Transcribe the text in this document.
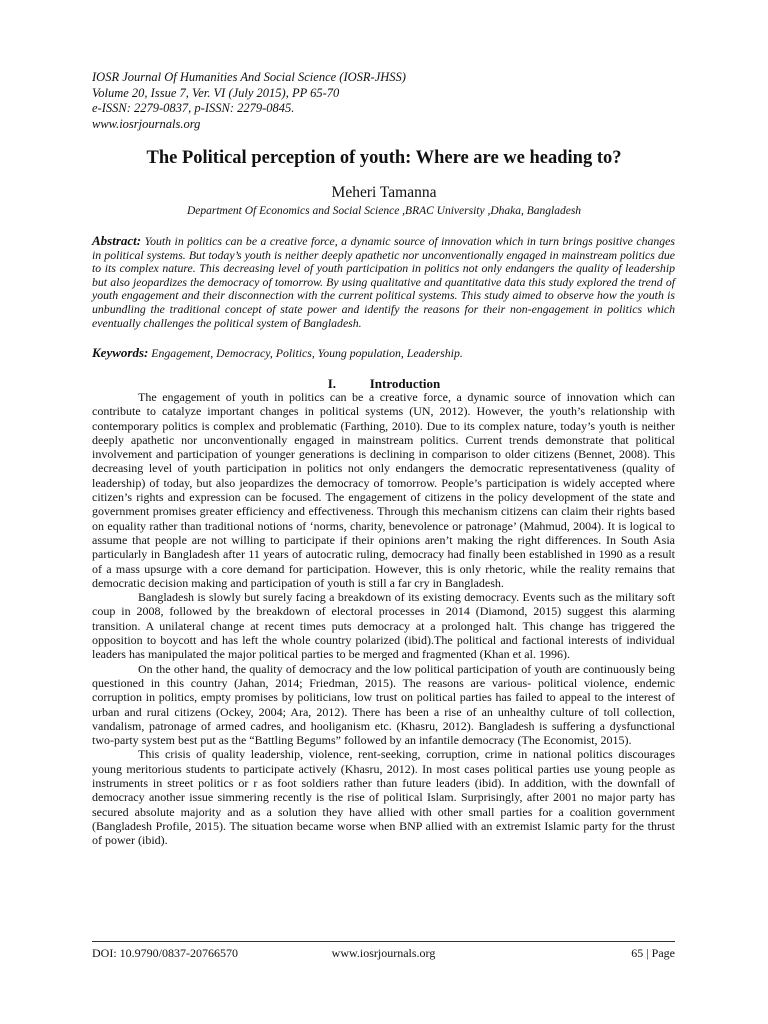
IOSR Journal Of Humanities And Social Science (IOSR-JHSS)
Volume 20, Issue 7, Ver. VI (July 2015), PP 65-70
e-ISSN: 2279-0837, p-ISSN: 2279-0845.
www.iosrjournals.org
The Political perception of youth: Where are we heading to?
Meheri Tamanna
Department Of Economics and Social Science ,BRAC University ,Dhaka, Bangladesh
Abstract: Youth in politics can be a creative force, a dynamic source of innovation which in turn brings positive changes in political systems. But today’s youth is neither deeply apathetic nor unconventionally engaged in mainstream politics due to its complex nature. This decreasing level of youth participation in politics not only endangers the quality of leadership but also jeopardizes the democracy of tomorrow. By using qualitative and quantitative data this study explored the trend of youth engagement and their disconnection with the current political systems. This study aimed to observe how the youth is unbundling the traditional concept of state power and identify the reasons for their non-engagement in politics which eventually challenges the political system of Bangladesh.
Keywords: Engagement, Democracy, Politics, Young population, Leadership.
I.	Introduction

The engagement of youth in politics can be a creative force, a dynamic source of innovation which can contribute to catalyze important changes in political systems (UN, 2012). However, the youth’s relationship with contemporary politics is complex and problematic (Farthing, 2010). Due to its complex nature, today’s youth is neither deeply apathetic nor unconventionally engaged in mainstream politics. Current trends demonstrate that political involvement and participation of younger generations is declining in comparison to older citizens (Bennet, 2008). This decreasing level of youth participation in politics not only endangers the democratic representativeness (quality of leadership) of today, but also jeopardizes the democracy of tomorrow. People’s participation is widely accepted where citizen’s rights and expression can be focused. The engagement of citizens in the policy development of the state and government promises greater efficiency and effectiveness. Through this mechanism citizens can claim their rights based on equality rather than traditional notions of ‘norms, charity, benevolence or patronage’ (Mahmud, 2004). It is logical to assume that people are not willing to participate if their opinions aren’t making the right differences. In South Asia particularly in Bangladesh after 11 years of autocratic ruling, democracy had finally been established in 1990 as a result of a mass upsurge with a core demand for participation. However, this is only rhetoric, while the reality remains that democratic decision making and participation of youth is still a far cry in Bangladesh.

Bangladesh is slowly but surely facing a breakdown of its existing democracy. Events such as the military soft coup in 2008, followed by the breakdown of electoral processes in 2014 (Diamond, 2015) suggest this alarming transition. A unilateral change at recent times puts democracy at a prolonged halt. This change has triggered the opposition to boycott and has left the whole country polarized (ibid).The political and factional interests of individual leaders has manipulated the major political parties to be merged and fragmented (Khan et al. 1996).

On the other hand, the quality of democracy and the low political participation of youth are continuously being questioned in this country (Jahan, 2014; Friedman, 2015). The reasons are various- political violence, endemic corruption in politics, empty promises by politicians, low trust on political parties has failed to appeal to the interest of urban and rural citizens (Ockey, 2004; Ara, 2012). There has been a rise of an unhealthy culture of toll collection, vandalism, patronage of armed cadres, and hooliganism etc. (Khasru, 2012). Bangladesh is suffering a dysfunctional two-party system best put as the “Battling Begums” followed by an infantile democracy (The Economist, 2015).

This crisis of quality leadership, violence, rent-seeking, corruption, crime in national politics discourages young meritorious students to participate actively (Khasru, 2012). In most cases political parties use young people as instruments in street politics or r as foot soldiers rather than future leaders (ibid). In addition, with the downfall of democracy another issue simmering recently is the rise of political Islam. Surprisingly, after 2001 no major party has secured absolute majority and as a solution they have allied with other small parties for a coalition government (Bangladesh Profile, 2015). The situation became worse when BNP allied with an extremist Islamic party for the thrust of power (ibid).

DOI: 10.9790/0837-20766570	www.iosrjournals.org	65 | Page
